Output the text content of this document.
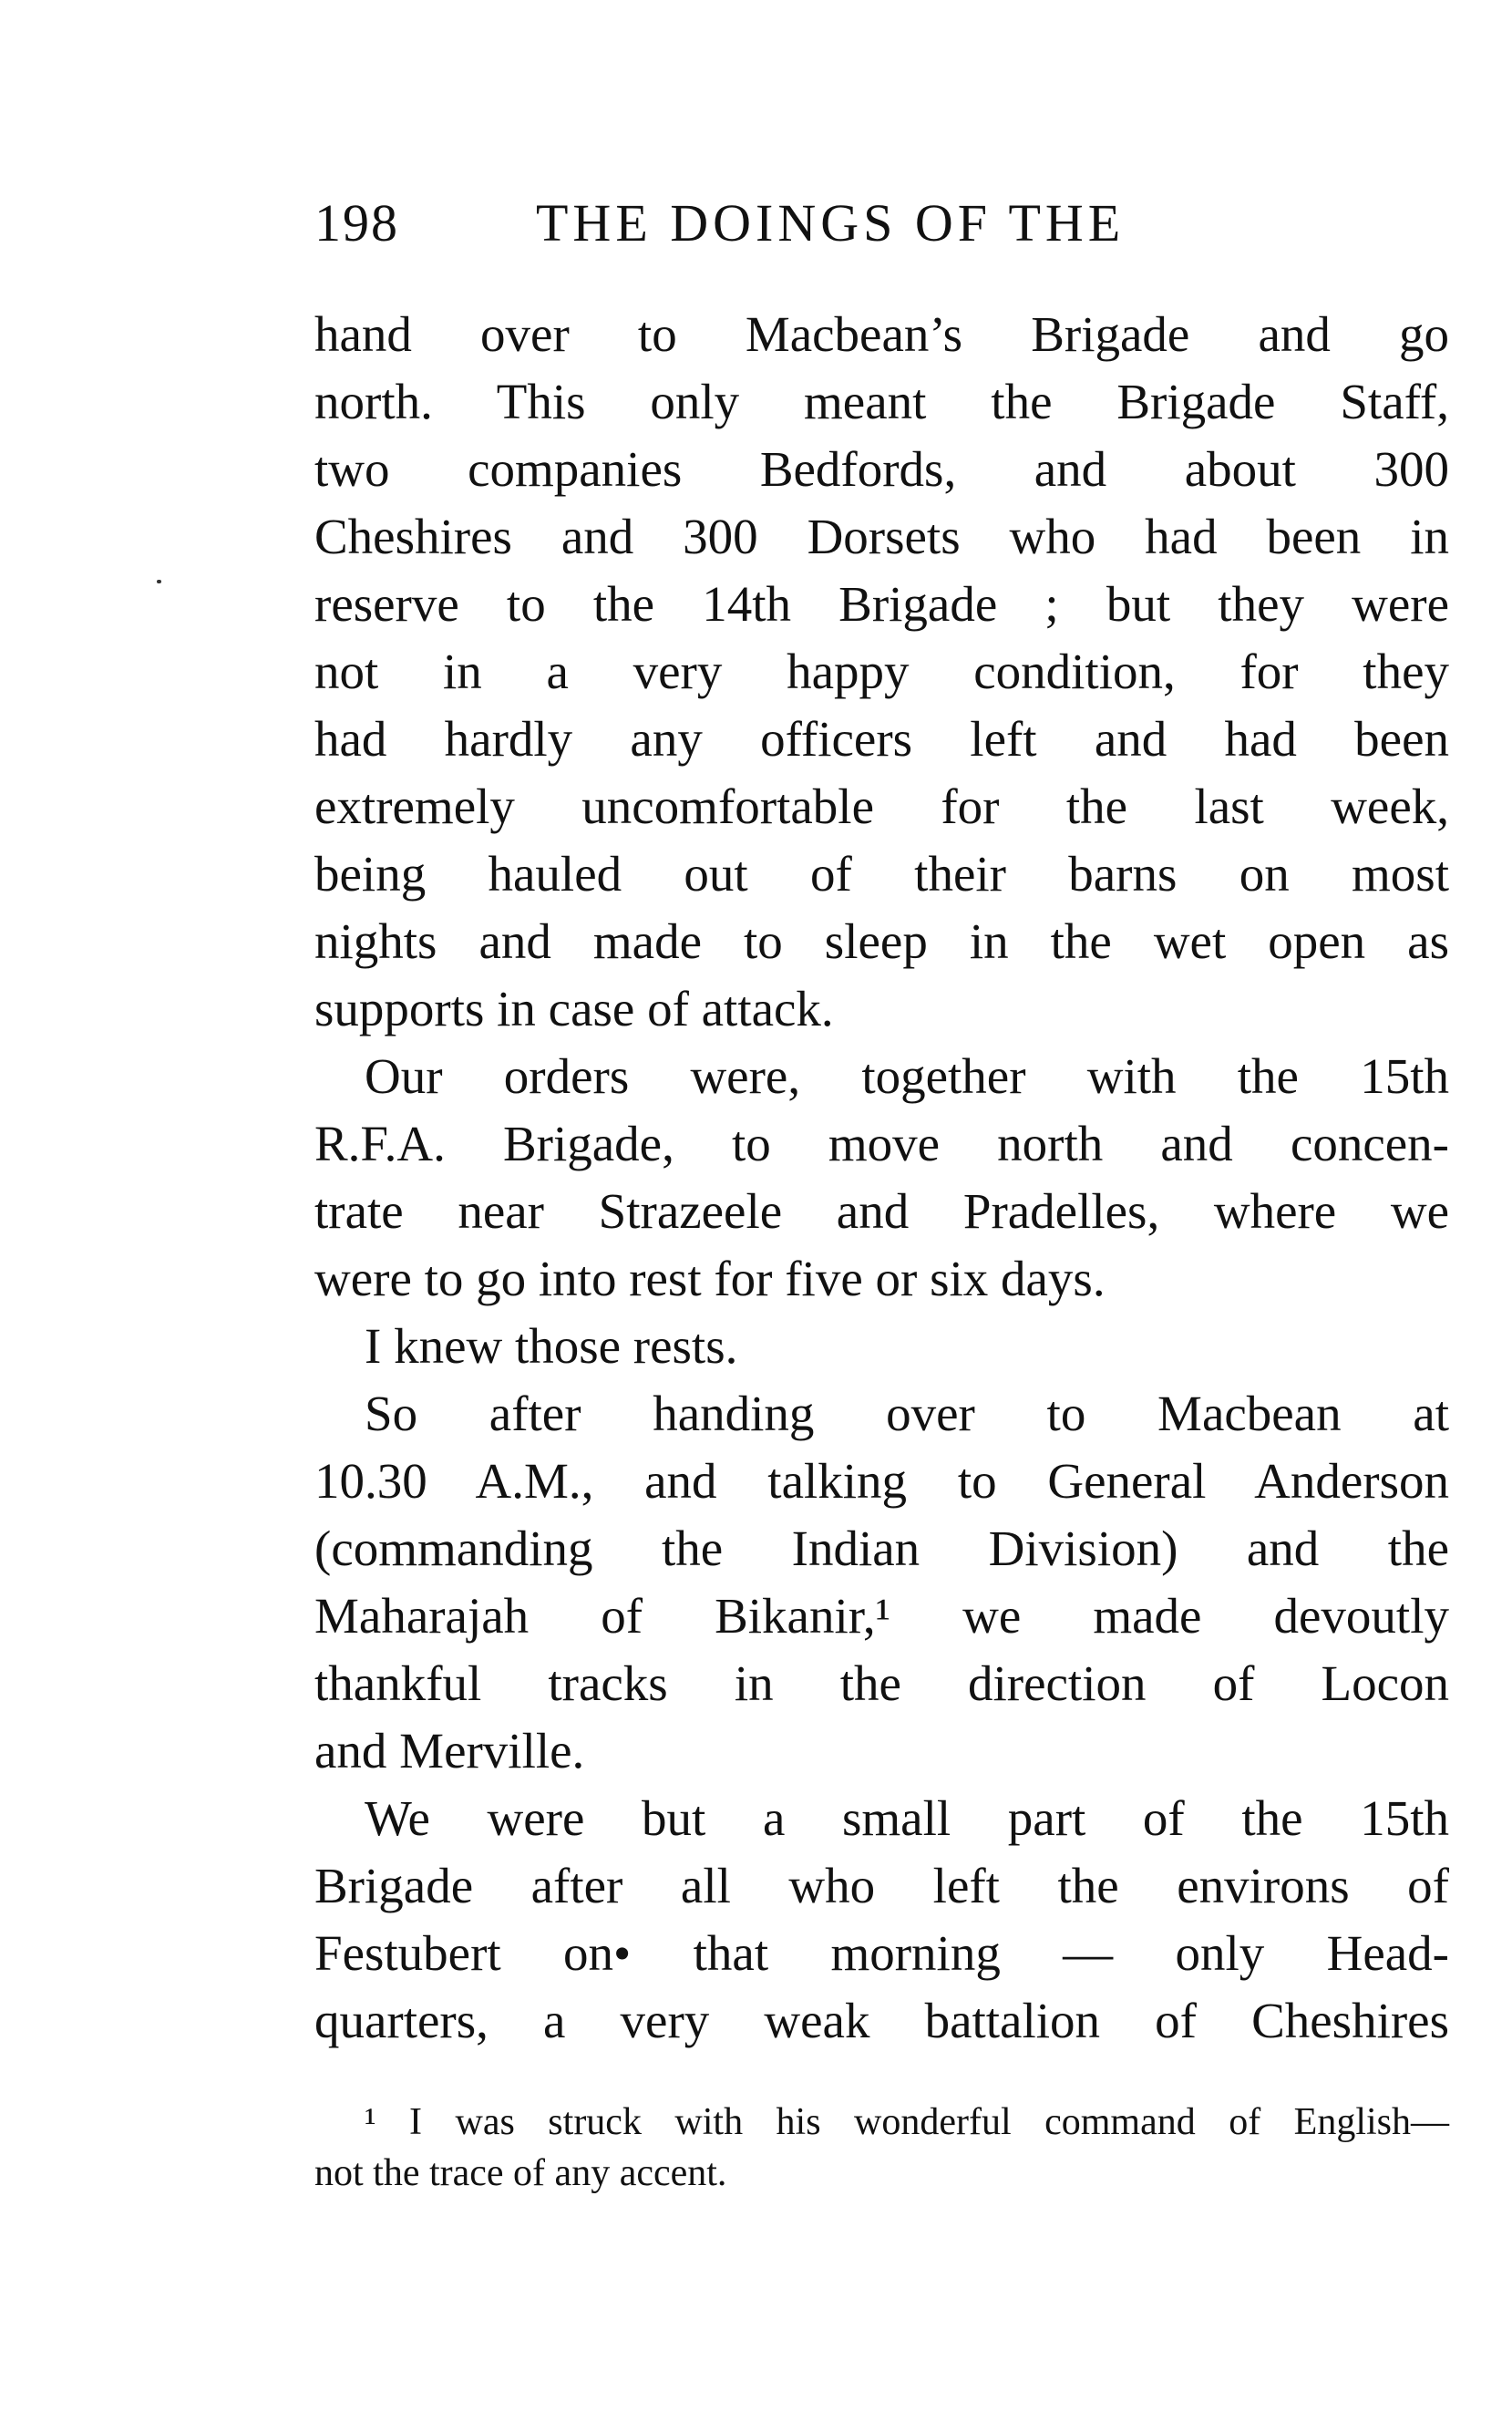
198	THE DOINGS OF THE
hand over to Macbean’s Brigade and go
north. This only meant the Brigade Staff,
two companies Bedfords, and about 300
Cheshires and 300 Dorsets who had been in
reserve to the 14th Brigade ; but they were
not in a very happy condition, for they
had hardly any officers left and had been
extremely uncomfortable for the last week,
being hauled out of their barns on most
nights and made to sleep in the wet open as
supports in case of attack.
Our orders were, together with the 15th
R.F.A. Brigade, to move north and concen-
trate near Strazeele and Pradelles, where we
were to go into rest for five or six days.
I knew those rests.
So after handing over to Macbean at
10.30 A.M., and talking to General Anderson
(commanding the Indian Division) and the
Maharajah of Bikanir,¹ we made devoutly
thankful tracks in the direction of Locon
and Merville.
We were but a small part of the 15th
Brigade after all who left the environs of
Festubert on• that morning — only Head-
quarters, a very weak battalion of Cheshires
¹ I was struck with his wonderful command of English—
not the trace of any accent.
